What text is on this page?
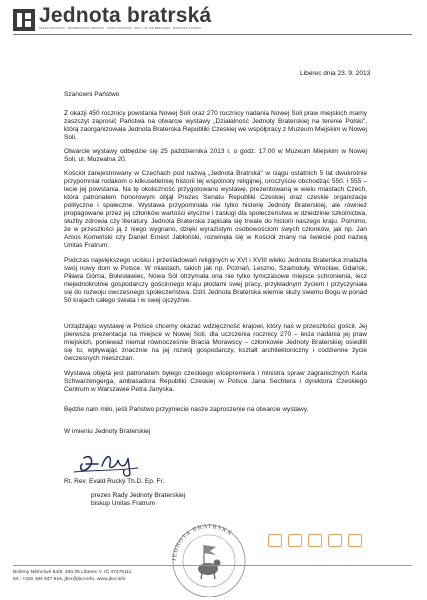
Jednota bratrská
ČESKÁ PROVINCIE · MEZIPROVINČNÍ JEDNOTA · UNITAS FRATRUM · UNITY OF THE BRETHREN · MORAVIAN CHURCH

Liberec dnia 23. 9. 2013

Szanowni Państwo

Z okazji 450 rocznicy powstania Nowej Soli oraz 270 rocznicy nadania Nowej Soli praw miejskich mamy zaszczyt zaprosić Państwa na otwarcie wystawy „Działalność Jednoty Braterskiej na terenie Polski", którą zaorganizowała Jednota Braterska Republiki Czeskiej we współpracy z Muzeum Miejskim w Nowej Soli.

Otwarcie wystawy odbędzie się 25 października 2013 r. o godz. 17.00 w Muzeum Miejskim w Nowej Soli, ul. Muzealna 20.

Kościół zarejestrowany w Czechach pod nazwą „Jednota Bratrská" w ciągu ostatnich 5 lat dwukrotnie przypomniał rodakom o kilkusetletniej historii tej wspólnoty religijnej, uroczyście obchodząc 550. i 555 – lecie jej powstania. Na tę okoliczność przygotowano wystawę, prezentowaną w wielu miastach Czech, która patronatem honorowym objął Prezes Senatu Republiki Czeskiej oraz czeskie organizacje polityczne i społeczne. Wystawa przypomniała nie tylko historię Jednoty Braterskiej, ale również propagowane przez jej członków wartości etyczne i zasługi dla społeczeństwa w dziedzinie szkolnictwa, służby zdrowia czy literatury. Jednota Braterska zapisała się trwale do historii naszego kraju. Pomimo, że w przeszłości ją z niego wygnano, dzięki wyrazistym osobowościom swych członków, jak np. Jan Amos Komeński czy Daniel Ernest Jabłoński, rozwinęła się w Kościół znany na świecie pod nazwą Unitas Fratrum.

Podczas największego ucisku i prześladowań religijnych w XVI i XVIII wieku Jednota Braterska znalazła swój nowy dom w Polsce. W miastach, takich jak np. Poznań, Leszno, Szamotuły, Wrocław, Gdańsk, Piława Górna, Bolesławiec, Nowa Sól otrzymała ona nie tylko tymczasowe miejsce schronienia, lecz niejednokrotnie gospodarczy gościnnego kraju płodami swej pracy, przykładnym życiem i przyczyniała się do rozwoju owczesnego społeczeństwa. Dziś Jednota Braterska wiernie służy swemu Bogu w ponad 50 krajach całego świata i w swej ojczyźnie.

Urządzając wystawę w Polsce chcemy okazać wdzięczność krajowi, który nas w przeszłości gościł. Jej pierwsza prezentacja na miejsce w Nowej Soli, dla uczczenia rocznicy 270 – lecia nadania jej praw miejskich, ponieważ niemal równocześnie Bracia Morawscy – członkowie Jednoty Braterskiej osiedlili się tu, wpływając znacznie na jej rozwój gospodarczy, kształt architektoniczny i codzienne życie ówczesnych mieszczan.

Wystawa objęta jest patronatem byłego czeskiego wicepremiera i ministra spraw zagranicznych Karla Schwarzengerga, ambasadora Republiki Czeskiej w Polsce Jana Sechtera i dyrektora Czeskiego Centrum w Warszawie Petra Janyska.

Będzie nam miło, jeśli Państwo przyjmiecie nasze zaproszenie na otwarcie wystawy.

W imieniu Jednoty Braterskiej

Rt. Rev. Evald Rucký Th.D. Ep. Fr.

prezes Rady Jednoty Braterskiej

biskup Unitas Fratrum

JEDNOTA BRATRSKÁ
Boženy Němcové 54/9, 460 05 Liberec V, IČ 47475111
tel.: +420 484 847 916, jbcr@jbcr.info, www.jbcr.info
